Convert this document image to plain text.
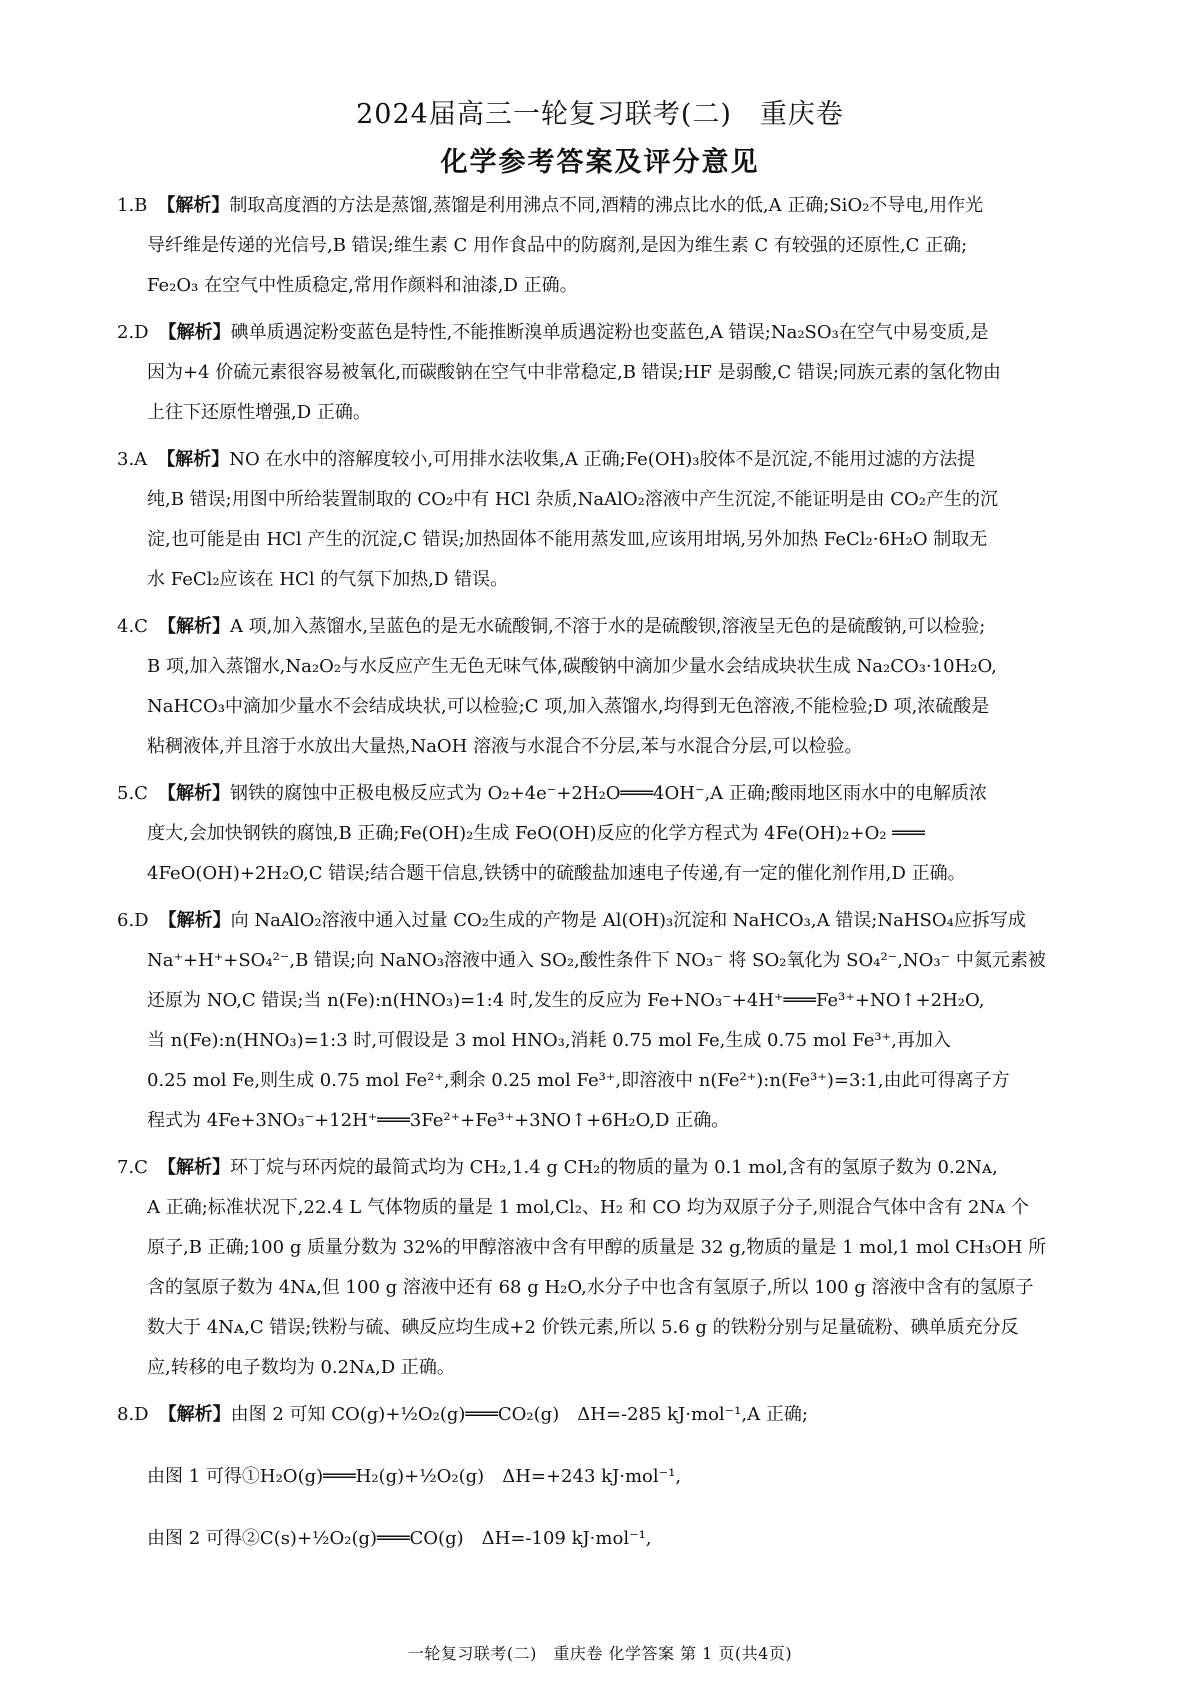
2024届高三一轮复习联考(二)　重庆卷
化学参考答案及评分意见
1.B 【解析】制取高度酒的方法是蒸馏,蒸馏是利用沸点不同,酒精的沸点比水的低,A 正确;SiO₂不导电,用作光
导纤维是传递的光信号,B 错误;维生素 C 用作食品中的防腐剂,是因为维生素 C 有较强的还原性,C 正确;
Fe₂O₃ 在空气中性质稳定,常用作颜料和油漆,D 正确。
2.D 【解析】碘单质遇淀粉变蓝色是特性,不能推断溴单质遇淀粉也变蓝色,A 错误;Na₂SO₃在空气中易变质,是
因为+4 价硫元素很容易被氧化,而碳酸钠在空气中非常稳定,B 错误;HF 是弱酸,C 错误;同族元素的氢化物由
上往下还原性增强,D 正确。
3.A 【解析】NO 在水中的溶解度较小,可用排水法收集,A 正确;Fe(OH)₃胶体不是沉淀,不能用过滤的方法提
纯,B 错误;用图中所给装置制取的 CO₂中有 HCl 杂质,NaAlO₂溶液中产生沉淀,不能证明是由 CO₂产生的沉
淀,也可能是由 HCl 产生的沉淀,C 错误;加热固体不能用蒸发皿,应该用坩埚,另外加热 FeCl₂·6H₂O 制取无
水 FeCl₂应该在 HCl 的气氛下加热,D 错误。
4.C 【解析】A 项,加入蒸馏水,呈蓝色的是无水硫酸铜,不溶于水的是硫酸钡,溶液呈无色的是硫酸钠,可以检验;
B 项,加入蒸馏水,Na₂O₂与水反应产生无色无味气体,碳酸钠中滴加少量水会结成块状生成 Na₂CO₃·10H₂O,
NaHCO₃中滴加少量水不会结成块状,可以检验;C 项,加入蒸馏水,均得到无色溶液,不能检验;D 项,浓硫酸是
粘稠液体,并且溶于水放出大量热,NaOH 溶液与水混合不分层,苯与水混合分层,可以检验。
5.C 【解析】钢铁的腐蚀中正极电极反应式为 O₂+4e⁻+2H₂O═══4OH⁻,A 正确;酸雨地区雨水中的电解质浓
度大,会加快钢铁的腐蚀,B 正确;Fe(OH)₂生成 FeO(OH)反应的化学方程式为 4Fe(OH)₂+O₂ ═══
4FeO(OH)+2H₂O,C 错误;结合题干信息,铁锈中的硫酸盐加速电子传递,有一定的催化剂作用,D 正确。
6.D 【解析】向 NaAlO₂溶液中通入过量 CO₂生成的产物是 Al(OH)₃沉淀和 NaHCO₃,A 错误;NaHSO₄应拆写成
Na⁺+H⁺+SO₄²⁻,B 错误;向 NaNO₃溶液中通入 SO₂,酸性条件下 NO₃⁻ 将 SO₂氧化为 SO₄²⁻,NO₃⁻ 中氮元素被
还原为 NO,C 错误;当 n(Fe):n(HNO₃)=1:4 时,发生的反应为 Fe+NO₃⁻+4H⁺═══Fe³⁺+NO↑+2H₂O,
当 n(Fe):n(HNO₃)=1:3 时,可假设是 3 mol HNO₃,消耗 0.75 mol Fe,生成 0.75 mol Fe³⁺,再加入
0.25 mol Fe,则生成 0.75 mol Fe²⁺,剩余 0.25 mol Fe³⁺,即溶液中 n(Fe²⁺):n(Fe³⁺)=3:1,由此可得离子方
程式为 4Fe+3NO₃⁻+12H⁺═══3Fe²⁺+Fe³⁺+3NO↑+6H₂O,D 正确。
7.C 【解析】环丁烷与环丙烷的最简式均为 CH₂,1.4 g CH₂的物质的量为 0.1 mol,含有的氢原子数为 0.2Nᴀ,
A 正确;标准状况下,22.4 L 气体物质的量是 1 mol,Cl₂、H₂ 和 CO 均为双原子分子,则混合气体中含有 2Nᴀ 个
原子,B 正确;100 g 质量分数为 32%的甲醇溶液中含有甲醇的质量是 32 g,物质的量是 1 mol,1 mol CH₃OH 所
含的氢原子数为 4Nᴀ,但 100 g 溶液中还有 68 g H₂O,水分子中也含有氢原子,所以 100 g 溶液中含有的氢原子
数大于 4Nᴀ,C 错误;铁粉与硫、碘反应均生成+2 价铁元素,所以 5.6 g 的铁粉分别与足量硫粉、碘单质充分反
应,转移的电子数均为 0.2Nᴀ,D 正确。
8.D 【解析】由图 2 可知 CO(g)+½O₂(g)═══CO₂(g)　ΔH=-285 kJ·mol⁻¹,A 正确;
由图 1 可得①H₂O(g)═══H₂(g)+½O₂(g)　ΔH=+243 kJ·mol⁻¹,
由图 2 可得②C(s)+½O₂(g)═══CO(g)　ΔH=-109 kJ·mol⁻¹,
一轮复习联考(二)　重庆卷 化学答案 第 1 页(共4页)
